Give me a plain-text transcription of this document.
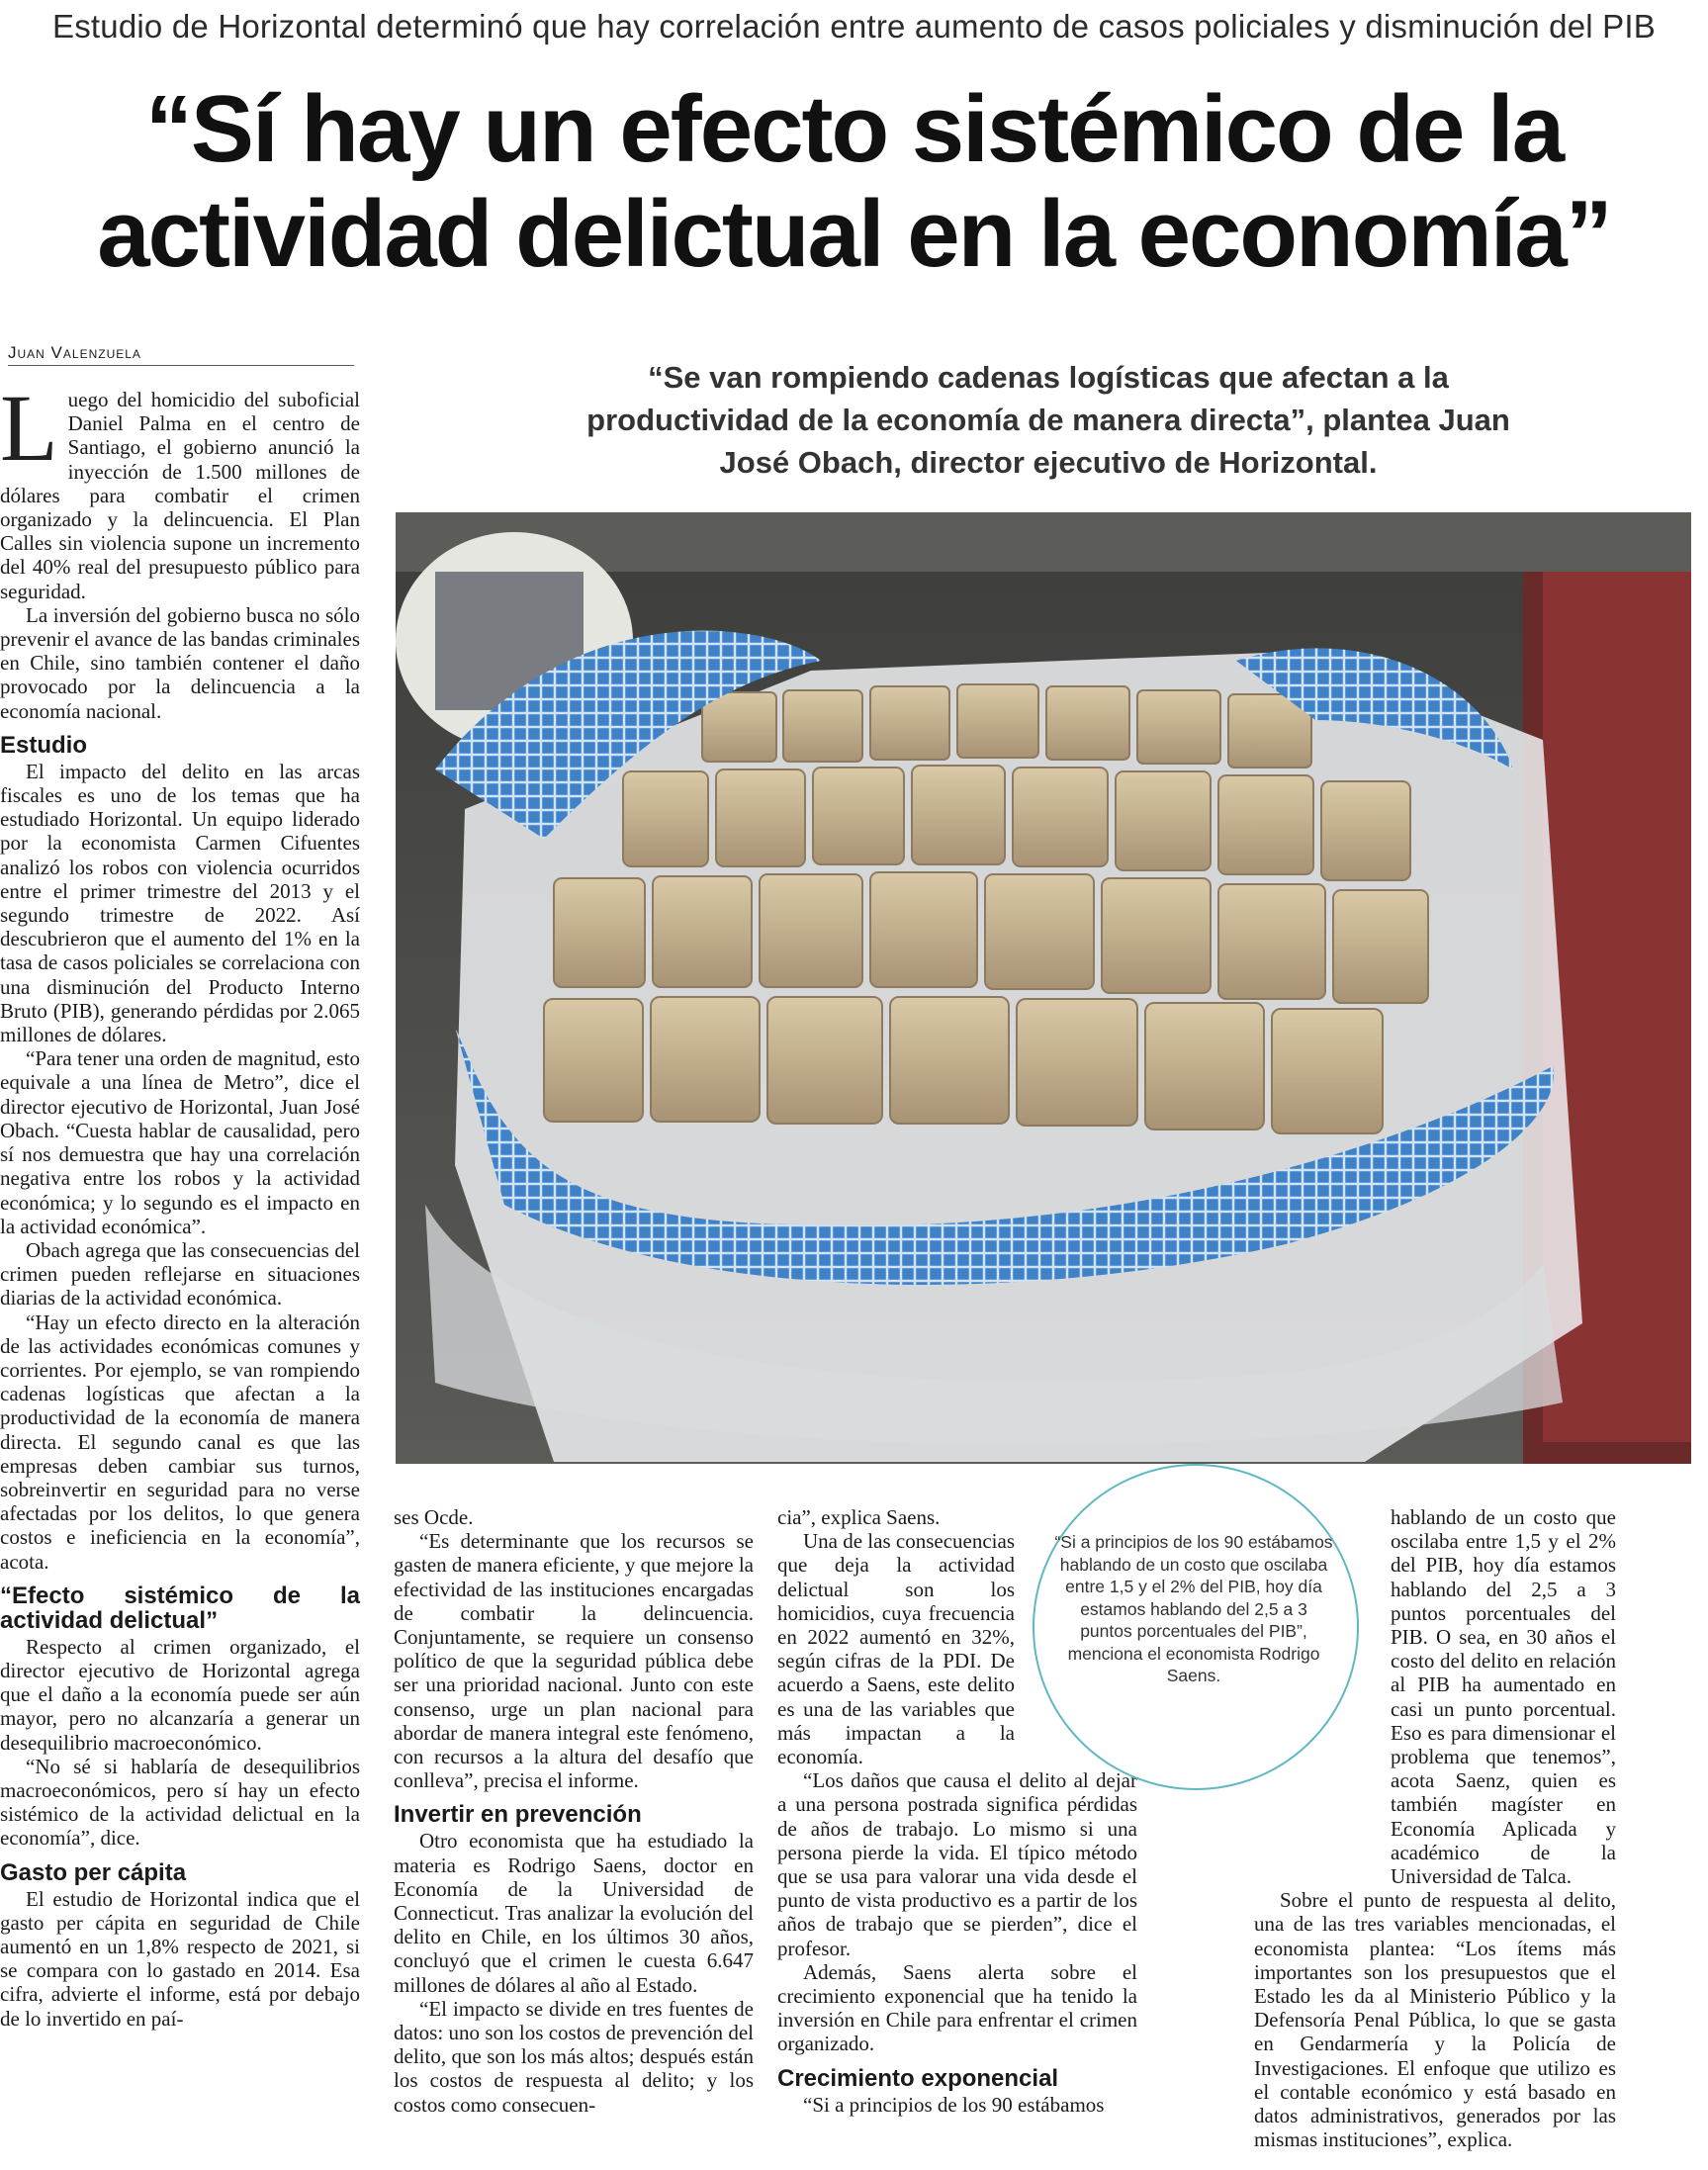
Estudio de Horizontal determinó que hay correlación entre aumento de casos policiales y disminución del PIB
“Sí hay un efecto sistémico de la
actividad delictual en la economía”
Juan Valenzuela
“Se van rompiendo cadenas logísticas que afectan a la
productividad de la economía de manera directa”, plantea Juan
José Obach, director ejecutivo de Horizontal.

Luego del homicidio del suboficial Daniel Palma en el centro de Santiago, el gobierno anunció la inyección de 1.500 millones de dólares para combatir el crimen organizado y la delincuencia. El Plan Calles sin violencia supone un incremento del 40% real del presupuesto público para seguridad.

La inversión del gobierno busca no sólo prevenir el avance de las bandas criminales en Chile, sino también contener el daño provocado por la delincuencia a la economía nacional.

Estudio

El impacto del delito en las arcas fiscales es uno de los temas que ha estudiado Horizontal. Un equipo liderado por la economista Carmen Cifuentes analizó los robos con violencia ocurridos entre el primer trimestre del 2013 y el segundo trimestre de 2022. Así descubrieron que el aumento del 1% en la tasa de casos policiales se correlaciona con una disminución del Producto Interno Bruto (PIB), generando pérdidas por 2.065 millones de dólares.

“Para tener una orden de magnitud, esto equivale a una línea de Metro”, dice el director ejecutivo de Horizontal, Juan José Obach. “Cuesta hablar de causalidad, pero sí nos demuestra que hay una correlación negativa entre los robos y la actividad económica; y lo segundo es el impacto en la actividad económica”.

Obach agrega que las consecuencias del crimen pueden reflejarse en situaciones diarias de la actividad económica.

“Hay un efecto directo en la alteración de las actividades económicas comunes y corrientes. Por ejemplo, se van rompiendo cadenas logísticas que afectan a la productividad de la economía de manera directa. El segundo canal es que las empresas deben cambiar sus turnos, sobreinvertir en seguridad para no verse afectadas por los delitos, lo que genera costos e ineficiencia en la economía”, acota.

“Efecto sistémico de la actividad delictual”

Respecto al crimen organizado, el director ejecutivo de Horizontal agrega que el daño a la economía puede ser aún mayor, pero no alcanzaría a generar un desequilibrio macroeconómico.

“No sé si hablaría de desequilibrios macroeconómicos, pero sí hay un efecto sistémico de la actividad delictual en la economía”, dice.

Gasto per cápita

El estudio de Horizontal indica que el gasto per cápita en seguridad de Chile aumentó en un 1,8% respecto de 2021, si se compara con lo gastado en 2014. Esa cifra, advierte el informe, está por debajo de lo invertido en paí-

ses Ocde.

“Es determinante que los recursos se gasten de manera eficiente, y que mejore la efectividad de las instituciones encargadas de combatir la delincuencia. Conjuntamente, se requiere un consenso político de que la seguridad pública debe ser una prioridad nacional. Junto con este consenso, urge un plan nacional para abordar de manera integral este fenómeno, con recursos a la altura del desafío que conlleva”, precisa el informe.

Invertir en prevención

Otro economista que ha estudiado la materia es Rodrigo Saens, doctor en Economía de la Universidad de Connecticut. Tras analizar la evolución del delito en Chile, en los últimos 30 años, concluyó que el crimen le cuesta 6.647 millones de dólares al año al Estado.

“El impacto se divide en tres fuentes de datos: uno son los costos de prevención del delito, que son los más altos; después están los costos de respuesta al delito; y los costos como consecuen-

cia”, explica Saens.

Una de las consecuencias que deja la actividad delictual son los homicidios, cuya frecuencia en 2022 aumentó en 32%, según cifras de la PDI. De acuerdo a Saens, este delito es una de las variables que más impactan a la economía.

“Los daños que causa el delito al dejar a una persona postrada significa pérdidas de años de trabajo. Lo mismo si una persona pierde la vida. El típico método que se usa para valorar una vida desde el punto de vista productivo es a partir de los años de trabajo que se pierden”, dice el profesor.

Además, Saens alerta sobre el crecimiento exponencial que ha tenido la inversión en Chile para enfrentar el crimen organizado.

Crecimiento exponencial

“Si a principios de los 90 estábamos

hablando de un costo que oscilaba entre 1,5 y el 2% del PIB, hoy día estamos hablando del 2,5 a 3 puntos porcentuales del PIB. O sea, en 30 años el costo del delito en relación al PIB ha aumentado en casi un punto porcentual. Eso es para dimensionar el problema que tenemos”, acota Saenz, quien es también magíster en Economía Aplicada y académico de la Universidad de Talca.

Sobre el punto de respuesta al delito, una de las tres variables mencionadas, el economista plantea: “Los ítems más importantes son los presupuestos que el Estado les da al Ministerio Público y la Defensoría Penal Pública, lo que se gasta en Gendarmería y la Policía de Investigaciones. El enfoque que utilizo es el contable económico y está basado en datos administrativos, generados por las mismas instituciones”, explica.

“Si a principios de los 90 estábamos hablando de un costo que oscilaba entre 1,5 y el 2% del PIB, hoy día estamos hablando del 2,5 a 3 puntos porcentuales del PIB”, menciona el economista Rodrigo Saens.
